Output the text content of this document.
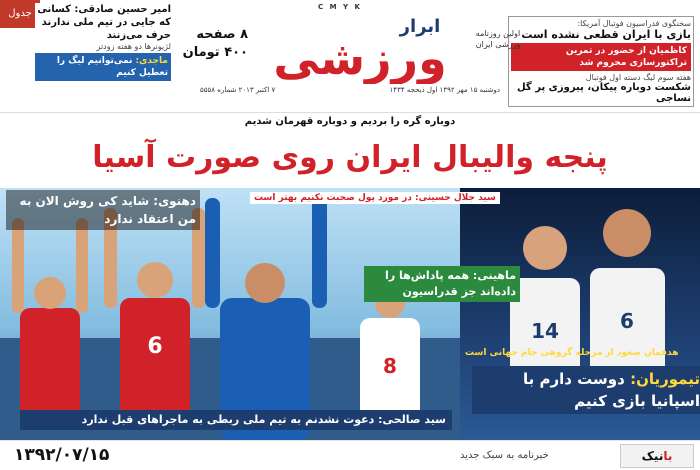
جدول
C M Y K
سخنگوی فدراسیون فوتبال آمریکا:
بازی با ایران قطعی نشده است
کاظمیان از حضور در تمرین تراکتورسازی محروم شد
هفته سوم لیگ دسته اول فوتبال
شکست دوباره پیکان، پیروزی پر گل نساجی
اولین روزنامه ورزشی ایران
ابرار
ورزشی
۸ صفحه
۴۰۰ تومان
امیر حسین صادقی: کسانی که جایی در تیم ملی ندارند حرف می‌زنند
لژیونرها دو هفته زودتر
ماجدی: نمی‌توانیم لیگ را تعطیل کنیم
دوشنبه ۱۵ مهر ۱۳۹۲ اول ذیحجه ۱۴۳۴
۷ اکتبر ۲۰۱۳ شماره ۵۵۵۸
دوباره گره را بردیم و دوباره قهرمان شدیم
پنجه والیبال ایران روی صورت آسیا
6
8
14	6
سید جلال حسینی: در مورد پول صحبت نکنیم بهتر است
دهنوی: شاید کی روش الان به من اعتقاد ندارد
ماهینی: همه پاداش‌ها را داده‌اند جز قدراسیون
سید صالحی: دعوت نشدنم به تیم ملی ربطی به ماجراهای قبل ندارد
هدفمان صعود از مرحله گروهی جام جهانی است
تیموریان: دوست دارم با اسپانیا بازی کنیم
۱۳۹۲/۰۷/۱۵	خبرنامه به سبک جدید	بانیک
